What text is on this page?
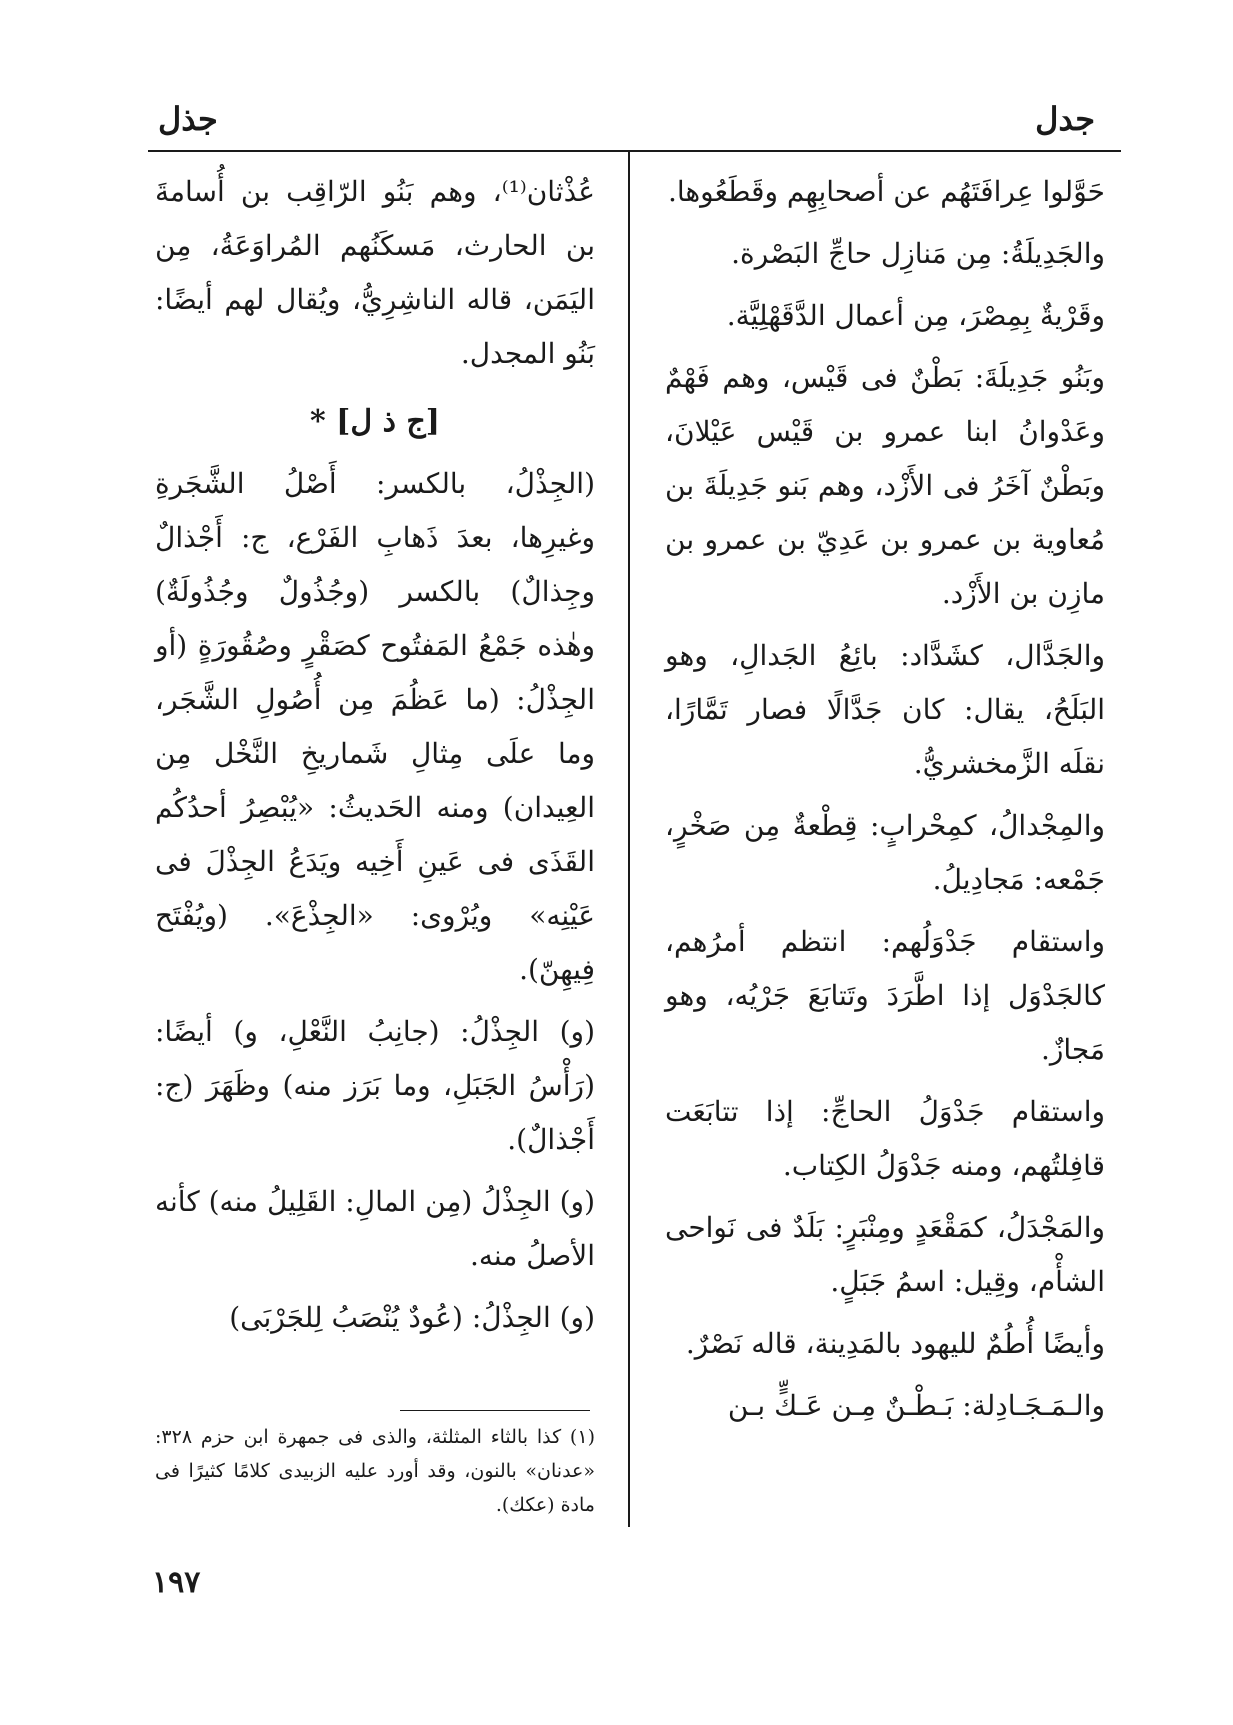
جدل
جذل

حَوَّلوا عِرافَتَهُم عن أصحابِهِم وقَطَعُوها.

والجَدِيلَةُ: مِن مَنازِل حاجِّ البَصْرة.

وقَرْيةٌ بِمِصْرَ، مِن أعمال الدَّقَهْلِيَّة.

وبَنُو جَدِيلَةَ: بَطْنٌ فى قَيْس، وهم فَهْمٌ وعَدْوانُ ابنا عمرو بن قَيْس عَيْلانَ، وبَطْنٌ آخَرُ فى الأَزْد، وهم بَنو جَدِيلَةَ بن مُعاوية بن عمرو بن عَدِيّ بن عمرو بن مازِن بن الأَزْد.

والجَدَّال، كشَدَّاد: بائِعُ الجَدالِ، وهو البَلَحُ، يقال: كان جَدَّالًا فصار تَمَّارًا، نقلَه الزَّمخشريُّ.

والمِجْدالُ، كمِحْرابٍ: قِطْعةٌ مِن صَخْرٍ، جَمْعه: مَجادِيلُ.

واستقام جَدْوَلُهم: انتظم أمرُهم، كالجَدْوَل إذا اطَّرَدَ وتَتابَعَ جَرْيُه، وهو مَجازٌ.

واستقام جَدْوَلُ الحاجِّ: إذا تتابَعَت قافِلتُهم، ومنه جَدْوَلُ الكِتاب.

والمَجْدَلُ، كمَقْعَدٍ ومِنْبَرٍ: بَلَدٌ فى نَواحى الشأْم، وقِيل: اسمُ جَبَلٍ.

وأيضًا أُطُمٌ لليهود بالمَدِينة، قاله نَصْرٌ.

والـمَـجَـادِلة: بَـطْـنٌ مِـن عَـكٍّ بـن

عُذْثان⁽¹⁾، وهم بَنُو الرّاقِب بن أُسامةَ بن الحارث، مَسكَنُهم المُراوَعَةُ، مِن اليَمَن، قاله الناشِرِيُّ، ويُقال لهم أيضًا: بَنُو المجدل.

[ج ذ ل] *

(الجِذْلُ، بالكسر: أَصْلُ الشَّجَرةِ وغيرِها، بعدَ ذَهابِ الفَرْع، ج: أَجْذالٌ وجِذالٌ) بالكسر (وجُذُولٌ وجُذُولَةٌ) وهٰذه جَمْعُ المَفتُوح كصَقْرٍ وصُقُورَةٍ (أو الجِذْلُ: (ما عَظُمَ مِن أُصُولِ الشَّجَر، وما علَى مِثالِ شَماريخِ النَّخْل مِن العِيدان) ومنه الحَديثُ: «يُبْصِرُ أحدُكُم القَذَى فى عَينِ أَخِيه ويَدَعُ الجِذْلَ فى عَيْنِه» ويُرْوى: «الجِذْعَ». (ويُفْتَح فِيهِنّ).

(و) الجِذْلُ: (جانِبُ النَّعْلِ، و) أيضًا: (رَأْسُ الجَبَلِ، وما بَرَز منه) وظَهَرَ (ج: أَجْذالٌ).

(و) الجِذْلُ (مِن المالِ: القَلِيلُ منه) كأنه الأصلُ منه.

(و) الجِذْلُ: (عُودٌ يُنْصَبُ لِلجَرْبَى)

(١) كذا بالثاء المثلثة، والذى فى جمهرة ابن حزم ٣٢٨: «عدنان» بالنون، وقد أورد عليه الزبيدى كلامًا كثيرًا فى مادة (عكك).
١٩٧
